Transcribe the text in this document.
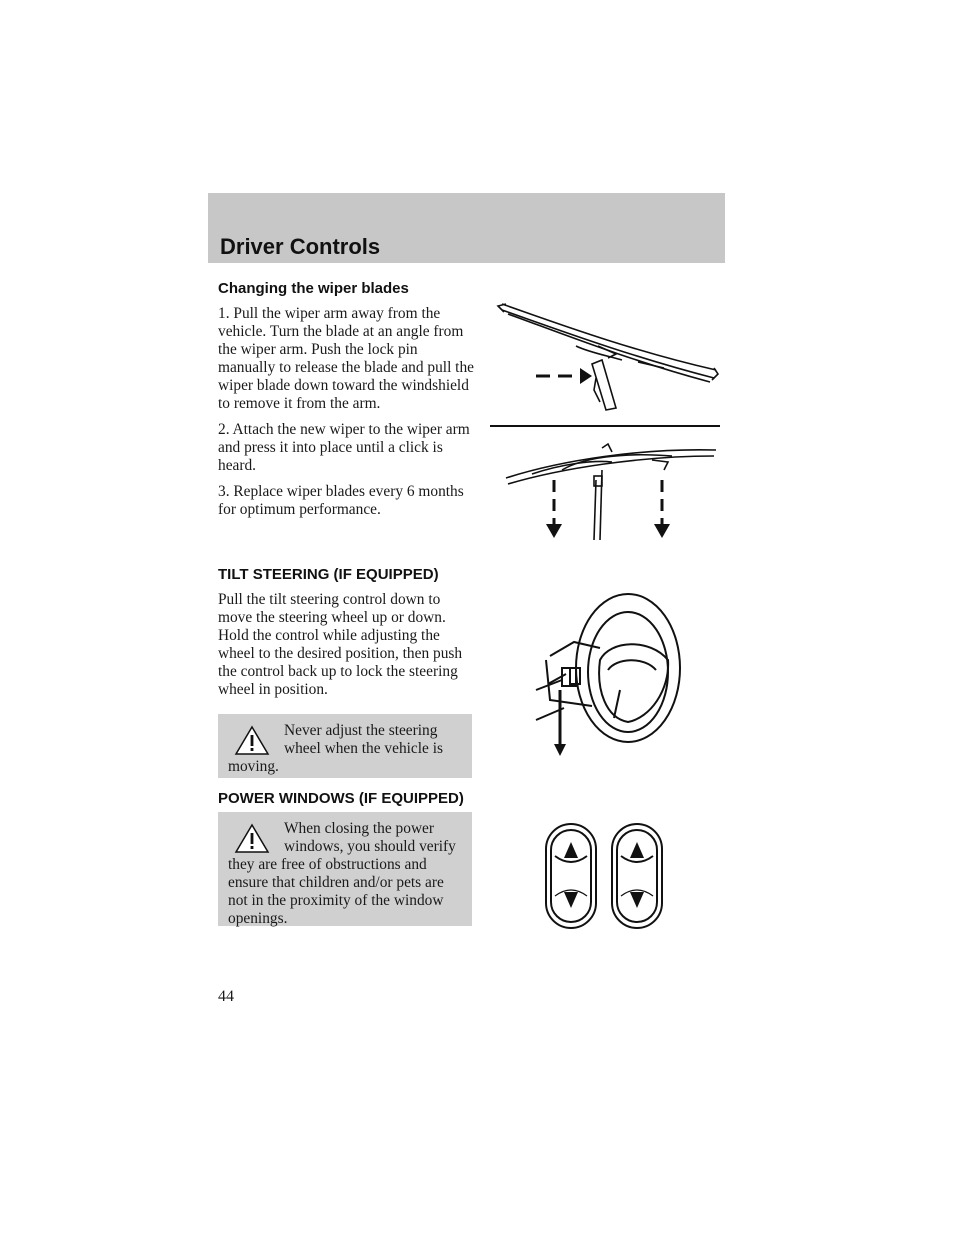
Driver Controls
Changing the wiper blades

1. Pull the wiper arm away from the vehicle. Turn the blade at an angle from the wiper arm. Push the lock pin manually to release the blade and pull the wiper blade down toward the windshield to remove it from the arm.

2. Attach the new wiper to the wiper arm and press it into place until a click is heard.

3. Replace wiper blades every 6 months for optimum performance.

TILT STEERING (IF EQUIPPED)

Pull the tilt steering control down to move the steering wheel up or down. Hold the control while adjusting the wheel to the desired position, then push the control back up to lock the steering wheel in position.

Never adjust the steering wheel when the vehicle is moving.
POWER WINDOWS (IF EQUIPPED)
When closing the power windows, you should verify they are free of obstructions and ensure that children and/or pets are not in the proximity of the window openings.
44
